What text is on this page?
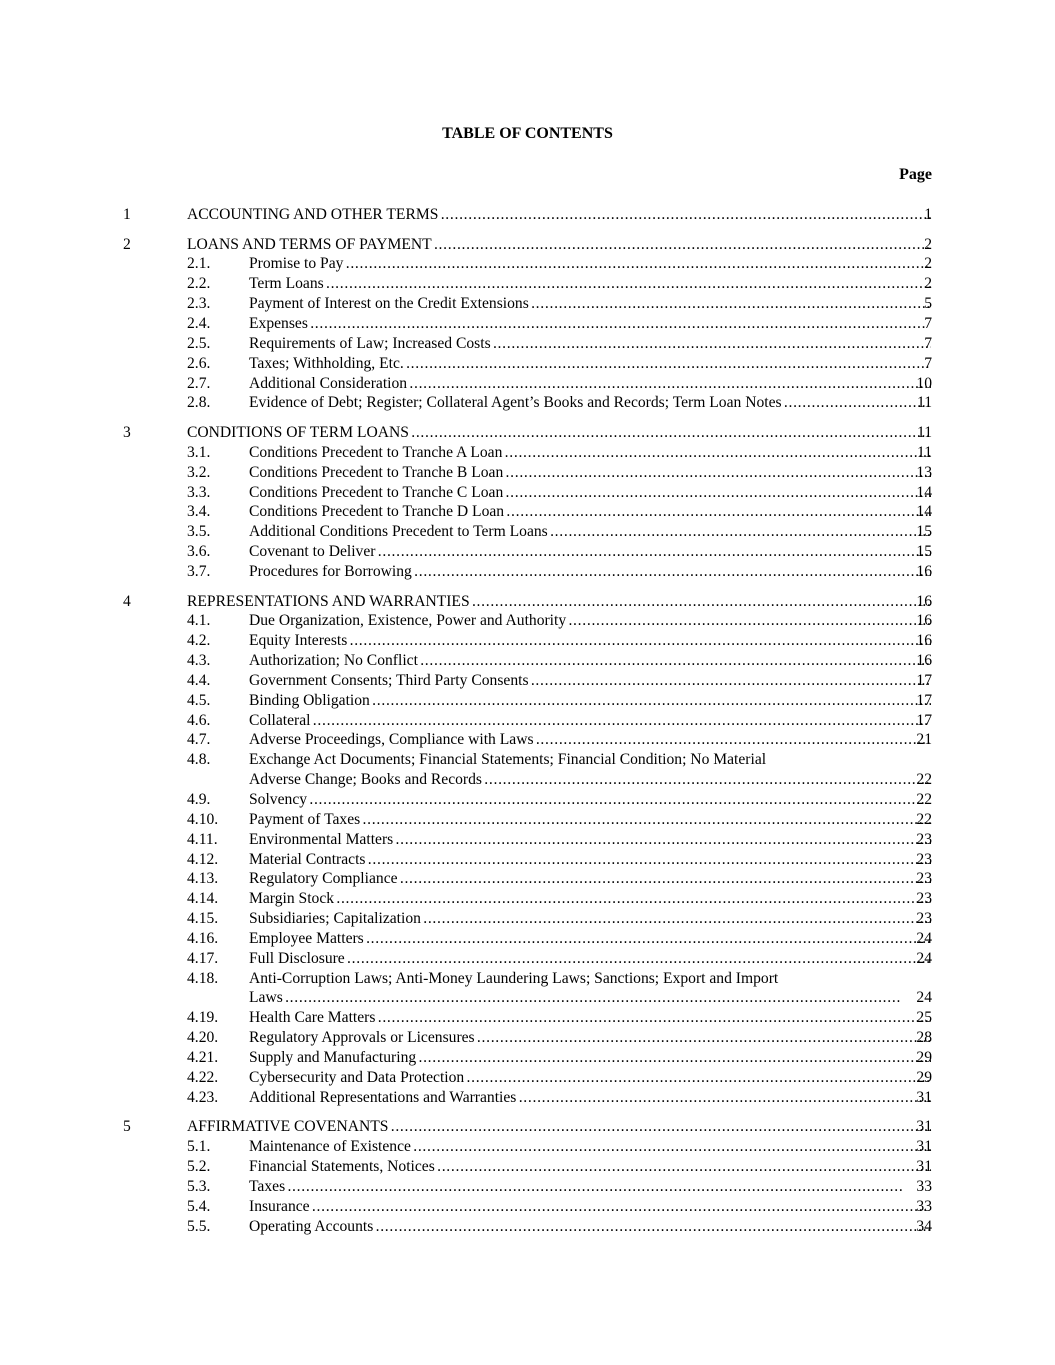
TABLE OF CONTENTS
Page
1	ACCOUNTING AND OTHER TERMS . . .	1
2	LOANS AND TERMS OF PAYMENT . . .	2
2.1. Promise to Pay . . .	2
2.2. Term Loans . . .	2
2.3. Payment of Interest on the Credit Extensions . . .	5
2.4. Expenses . . .	7
2.5. Requirements of Law; Increased Costs . . .	7
2.6. Taxes; Withholding, Etc. . . .	7
2.7. Additional Consideration . . .	10
2.8. Evidence of Debt; Register; Collateral Agent’s Books and Records; Term Loan Notes . . .	11
3	CONDITIONS OF TERM LOANS . . .	11
3.1. Conditions Precedent to Tranche A Loan . . .	11
3.2. Conditions Precedent to Tranche B Loan . . .	13
3.3. Conditions Precedent to Tranche C Loan . . .	14
3.4. Conditions Precedent to Tranche D Loan . . .	14
3.5. Additional Conditions Precedent to Term Loans . . .	15
3.6. Covenant to Deliver . . .	15
3.7. Procedures for Borrowing . . .	16
4	REPRESENTATIONS AND WARRANTIES . . .	16
4.1. Due Organization, Existence, Power and Authority . . .	16
4.2. Equity Interests . . .	16
4.3. Authorization; No Conflict . . .	16
4.4. Government Consents; Third Party Consents . . .	17
4.5. Binding Obligation . . .	17
4.6. Collateral . . .	17
4.7. Adverse Proceedings, Compliance with Laws . . .	21
4.8. Exchange Act Documents; Financial Statements; Financial Condition; No Material
Adverse Change; Books and Records . . .	22
4.9. Solvency . . .	22
4.10. Payment of Taxes . . .	22
4.11. Environmental Matters . . .	23
4.12. Material Contracts . . .	23
4.13. Regulatory Compliance . . .	23
4.14. Margin Stock . . .	23
4.15. Subsidiaries; Capitalization . . .	23
4.16. Employee Matters . . .	24
4.17. Full Disclosure . . .	24
4.18. Anti-Corruption Laws; Anti-Money Laundering Laws; Sanctions; Export and Import
Laws . . .	24
4.19. Health Care Matters . . .	25
4.20. Regulatory Approvals or Licensures . . .	28
4.21. Supply and Manufacturing . . .	29
4.22. Cybersecurity and Data Protection . . .	29
4.23. Additional Representations and Warranties . . .	31
5	AFFIRMATIVE COVENANTS . . .	31
5.1. Maintenance of Existence . . .	31
5.2. Financial Statements, Notices . . .	31
5.3. Taxes . . .	33
5.4. Insurance . . .	33
5.5. Operating Accounts . . .	34
